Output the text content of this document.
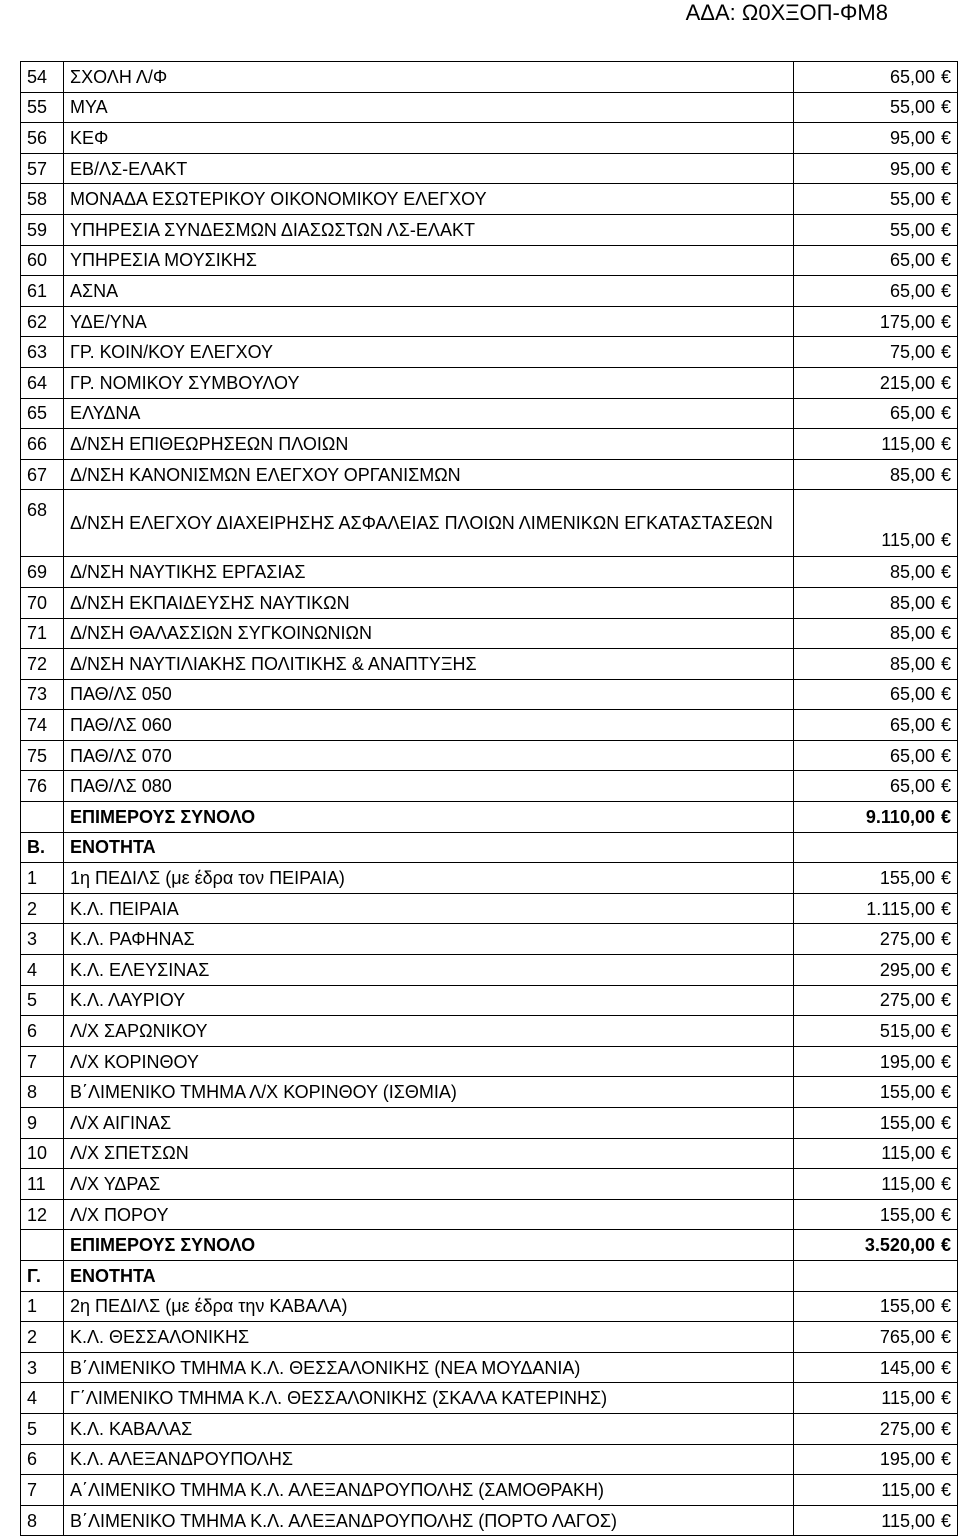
ΑΔΑ: Ω0ΧΞΟΠ-ΦΜ8
54	ΣΧΟΛΗ Λ/Φ	65,00 €
55	ΜΥΑ	55,00 €
56	ΚΕΦ	95,00 €
57	ΕΒ/ΛΣ-ΕΛΑΚΤ	95,00 €
58	ΜΟΝΑΔΑ ΕΣΩΤΕΡΙΚΟΥ ΟΙΚΟΝΟΜΙΚΟΥ ΕΛΕΓΧΟΥ	55,00 €
59	ΥΠΗΡΕΣΙΑ ΣΥΝΔΕΣΜΩΝ ΔΙΑΣΩΣΤΩΝ ΛΣ-ΕΛΑΚΤ	55,00 €
60	ΥΠΗΡΕΣΙΑ ΜΟΥΣΙΚΗΣ	65,00 €
61	ΑΣΝΑ	65,00 €
62	ΥΔΕ/ΥΝΑ	175,00 €
63	ΓΡ. ΚΟΙΝ/ΚΟΥ ΕΛΕΓΧΟΥ	75,00 €
64	ΓΡ. ΝΟΜΙΚΟΥ ΣΥΜΒΟΥΛΟΥ	215,00 €
65	ΕΛΥΔΝΑ	65,00 €
66	Δ/ΝΣΗ ΕΠΙΘΕΩΡΗΣΕΩΝ ΠΛΟΙΩΝ	115,00 €
67	Δ/ΝΣΗ ΚΑΝΟΝΙΣΜΩΝ ΕΛΕΓΧΟΥ ΟΡΓΑΝΙΣΜΩΝ	85,00 €
68	Δ/ΝΣΗ ΕΛΕΓΧΟΥ ΔΙΑΧΕΙΡΗΣΗΣ ΑΣΦΑΛΕΙΑΣ ΠΛΟΙΩΝ ΛΙΜΕΝΙΚΩΝ ΕΓΚΑΤΑΣΤΑΣΕΩΝ	115,00 €
69	Δ/ΝΣΗ ΝΑΥΤΙΚΗΣ ΕΡΓΑΣΙΑΣ	85,00 €
70	Δ/ΝΣΗ ΕΚΠΑΙΔΕΥΣΗΣ ΝΑΥΤΙΚΩΝ	85,00 €
71	Δ/ΝΣΗ ΘΑΛΑΣΣΙΩΝ ΣΥΓΚΟΙΝΩΝΙΩΝ	85,00 €
72	Δ/ΝΣΗ ΝΑΥΤΙΛΙΑΚΗΣ ΠΟΛΙΤΙΚΗΣ & ΑΝΑΠΤΥΞΗΣ	85,00 €
73	ΠΑΘ/ΛΣ 050	65,00 €
74	ΠΑΘ/ΛΣ 060	65,00 €
75	ΠΑΘ/ΛΣ 070	65,00 €
76	ΠΑΘ/ΛΣ 080	65,00 €
	ΕΠΙΜΕΡΟΥΣ ΣΥΝΟΛΟ	9.110,00 €
Β.	ΕΝΟΤΗΤΑ	
1	1η ΠΕΔΙΛΣ (με έδρα τον ΠΕΙΡΑΙΑ)	155,00 €
2	Κ.Λ. ΠΕΙΡΑΙΑ	1.115,00 €
3	Κ.Λ. ΡΑΦΗΝΑΣ	275,00 €
4	Κ.Λ. ΕΛΕΥΣΙΝΑΣ	295,00 €
5	Κ.Λ. ΛΑΥΡΙΟΥ	275,00 €
6	Λ/Χ ΣΑΡΩΝΙΚΟΥ	515,00 €
7	Λ/Χ ΚΟΡΙΝΘΟΥ	195,00 €
8	Β΄ΛΙΜΕΝΙΚΟ ΤΜΗΜΑ Λ/Χ ΚΟΡΙΝΘΟΥ (ΙΣΘΜΙΑ)	155,00 €
9	Λ/Χ ΑΙΓΙΝΑΣ	155,00 €
10	Λ/Χ ΣΠΕΤΣΩΝ	115,00 €
11	Λ/Χ ΥΔΡΑΣ	115,00 €
12	Λ/Χ ΠΟΡΟΥ	155,00 €
	ΕΠΙΜΕΡΟΥΣ ΣΥΝΟΛΟ	3.520,00 €
Γ.	ΕΝΟΤΗΤΑ	
1	2η ΠΕΔΙΛΣ (με έδρα την ΚΑΒΑΛΑ)	155,00 €
2	Κ.Λ. ΘΕΣΣΑΛΟΝΙΚΗΣ	765,00 €
3	Β΄ΛΙΜΕΝΙΚΟ ΤΜΗΜΑ Κ.Λ. ΘΕΣΣΑΛΟΝΙΚΗΣ (ΝΕΑ ΜΟΥΔΑΝΙΑ)	145,00 €
4	Γ΄ΛΙΜΕΝΙΚΟ ΤΜΗΜΑ Κ.Λ. ΘΕΣΣΑΛΟΝΙΚΗΣ (ΣΚΑΛΑ ΚΑΤΕΡΙΝΗΣ)	115,00 €
5	Κ.Λ. ΚΑΒΑΛΑΣ	275,00 €
6	Κ.Λ. ΑΛΕΞΑΝΔΡΟΥΠΟΛΗΣ	195,00 €
7	Α΄ΛΙΜΕΝΙΚΟ ΤΜΗΜΑ Κ.Λ. ΑΛΕΞΑΝΔΡΟΥΠΟΛΗΣ (ΣΑΜΟΘΡΑΚΗ)	115,00 €
8	Β΄ΛΙΜΕΝΙΚΟ ΤΜΗΜΑ Κ.Λ. ΑΛΕΞΑΝΔΡΟΥΠΟΛΗΣ (ΠΟΡΤΟ ΛΑΓΟΣ)	115,00 €
